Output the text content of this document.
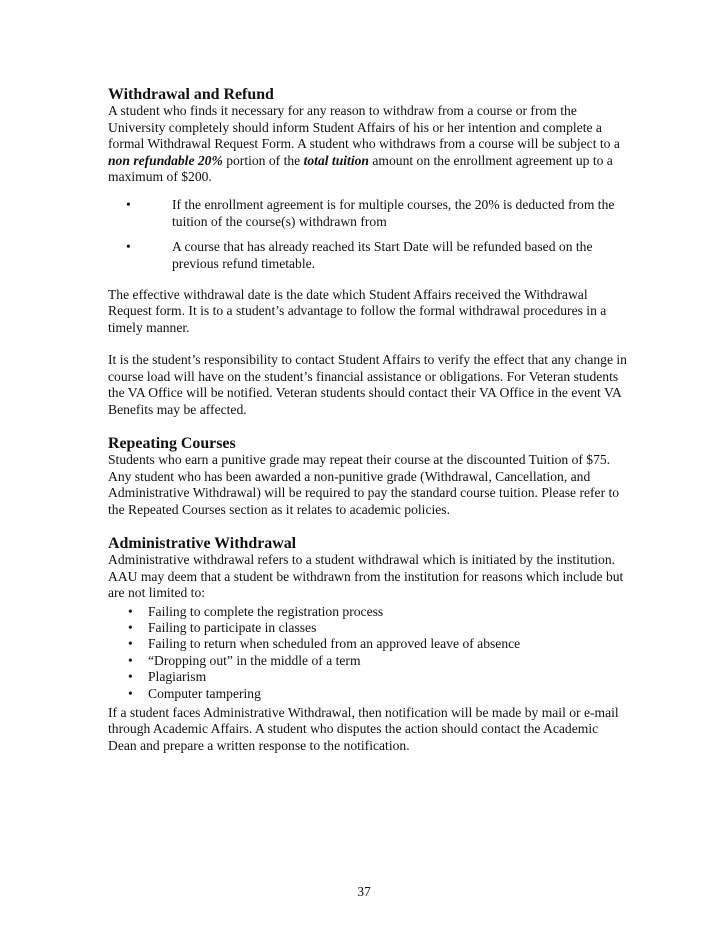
Withdrawal and Refund

A student who finds it necessary for any reason to withdraw from a course or from the University completely should inform Student Affairs of his or her intention and complete a formal Withdrawal Request Form. A student who withdraws from a course will be subject to a non refundable 20% portion of the total tuition amount on the enrollment agreement up to a maximum of $200.

•	If the enrollment agreement is for multiple courses, the 20% is deducted from the tuition of the course(s) withdrawn from
•	A course that has already reached its Start Date will be refunded based on the previous refund timetable.

The effective withdrawal date is the date which Student Affairs received the Withdrawal Request form. It is to a student’s advantage to follow the formal withdrawal procedures in a timely manner.

It is the student’s responsibility to contact Student Affairs to verify the effect that any change in course load will have on the student’s financial assistance or obligations. For Veteran students the VA Office will be notified. Veteran students should contact their VA Office in the event VA Benefits may be affected.

Repeating Courses

Students who earn a punitive grade may repeat their course at the discounted Tuition of $75. Any student who has been awarded a non-punitive grade (Withdrawal, Cancellation, and Administrative Withdrawal) will be required to pay the standard course tuition. Please refer to the Repeated Courses section as it relates to academic policies.

Administrative Withdrawal

Administrative withdrawal refers to a student withdrawal which is initiated by the institution. AAU may deem that a student be withdrawn from the institution for reasons which include but are not limited to:

• Failing to complete the registration process
• Failing to participate in classes
• Failing to return when scheduled from an approved leave of absence
• “Dropping out” in the middle of a term
• Plagiarism
• Computer tampering

If a student faces Administrative Withdrawal, then notification will be made by mail or e-mail through Academic Affairs. A student who disputes the action should contact the Academic Dean and prepare a written response to the notification.

37
